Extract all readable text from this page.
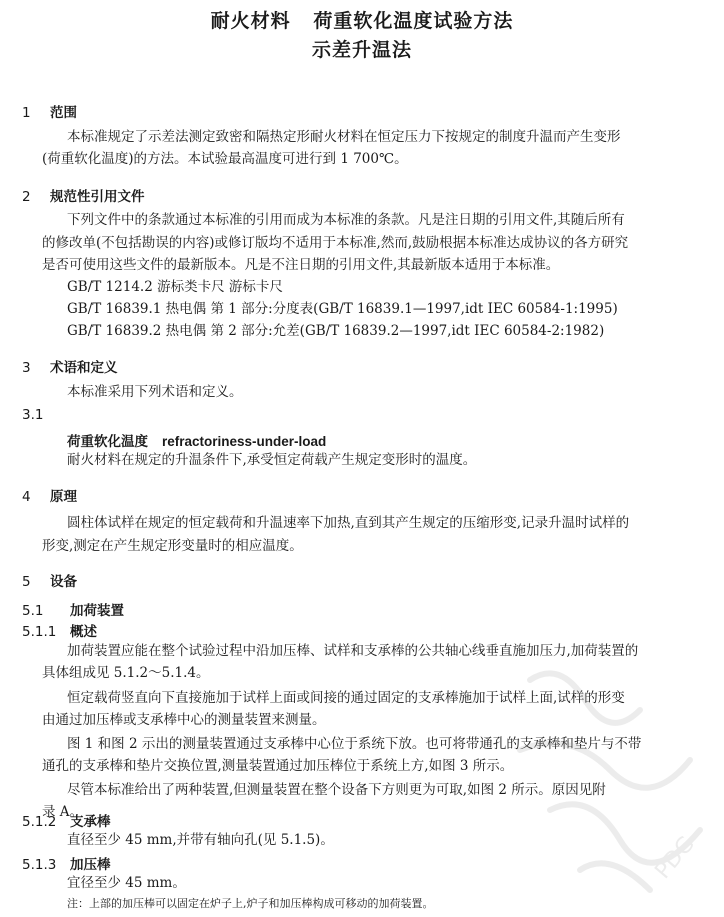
耐火材料   荷重软化温度试验方法
示差升温法
1 范围
本标准规定了示差法测定致密和隔热定形耐火材料在恒定压力下按规定的制度升温而产生变形
(荷重软化温度)的方法。本试验最高温度可进行到 1 700℃。
2 规范性引用文件
下列文件中的条款通过本标准的引用而成为本标准的条款。凡是注日期的引用文件,其随后所有
的修改单(不包括勘误的内容)或修订版均不适用于本标准,然而,鼓励根据本标准达成协议的各方研究
是否可使用这些文件的最新版本。凡是不注日期的引用文件,其最新版本适用于本标准。
GB/T 1214.2 游标类卡尺 游标卡尺
GB/T 16839.1 热电偶 第 1 部分:分度表(GB/T 16839.1—1997,idt IEC 60584-1:1995)
GB/T 16839.2 热电偶 第 2 部分:允差(GB/T 16839.2—1997,idt IEC 60584-2:1982)
3 术语和定义
本标准采用下列术语和定义。
3.1
荷重软化温度 refractoriness-under-load
耐火材料在规定的升温条件下,承受恒定荷载产生规定变形时的温度。
4 原理
圆柱体试样在规定的恒定载荷和升温速率下加热,直到其产生规定的压缩形变,记录升温时试样的
形变,测定在产生规定形变量时的相应温度。
5 设备
5.1 加荷装置
5.1.1 概述
加荷装置应能在整个试验过程中沿加压棒、试样和支承棒的公共轴心线垂直施加压力,加荷装置的
具体组成见 5.1.2～5.1.4。
恒定载荷竖直向下直接施加于试样上面或间接的通过固定的支承棒施加于试样上面,试样的形变
由通过加压棒或支承棒中心的测量装置来测量。
图 1 和图 2 示出的测量装置通过支承棒中心位于系统下放。也可将带通孔的支承棒和垫片与不带
通孔的支承棒和垫片交换位置,测量装置通过加压棒位于系统上方,如图 3 所示。
尽管本标准给出了两种装置,但测量装置在整个设备下方则更为可取,如图 2 所示。原因见附
录 A。
5.1.2 支承棒
直径至少 45 mm,并带有轴向孔(见 5.1.5)。
5.1.3 加压棒
宜径至少 45 mm。
注：上部的加压棒可以固定在炉子上,炉子和加压棒构成可移动的加荷装置。
PDG
